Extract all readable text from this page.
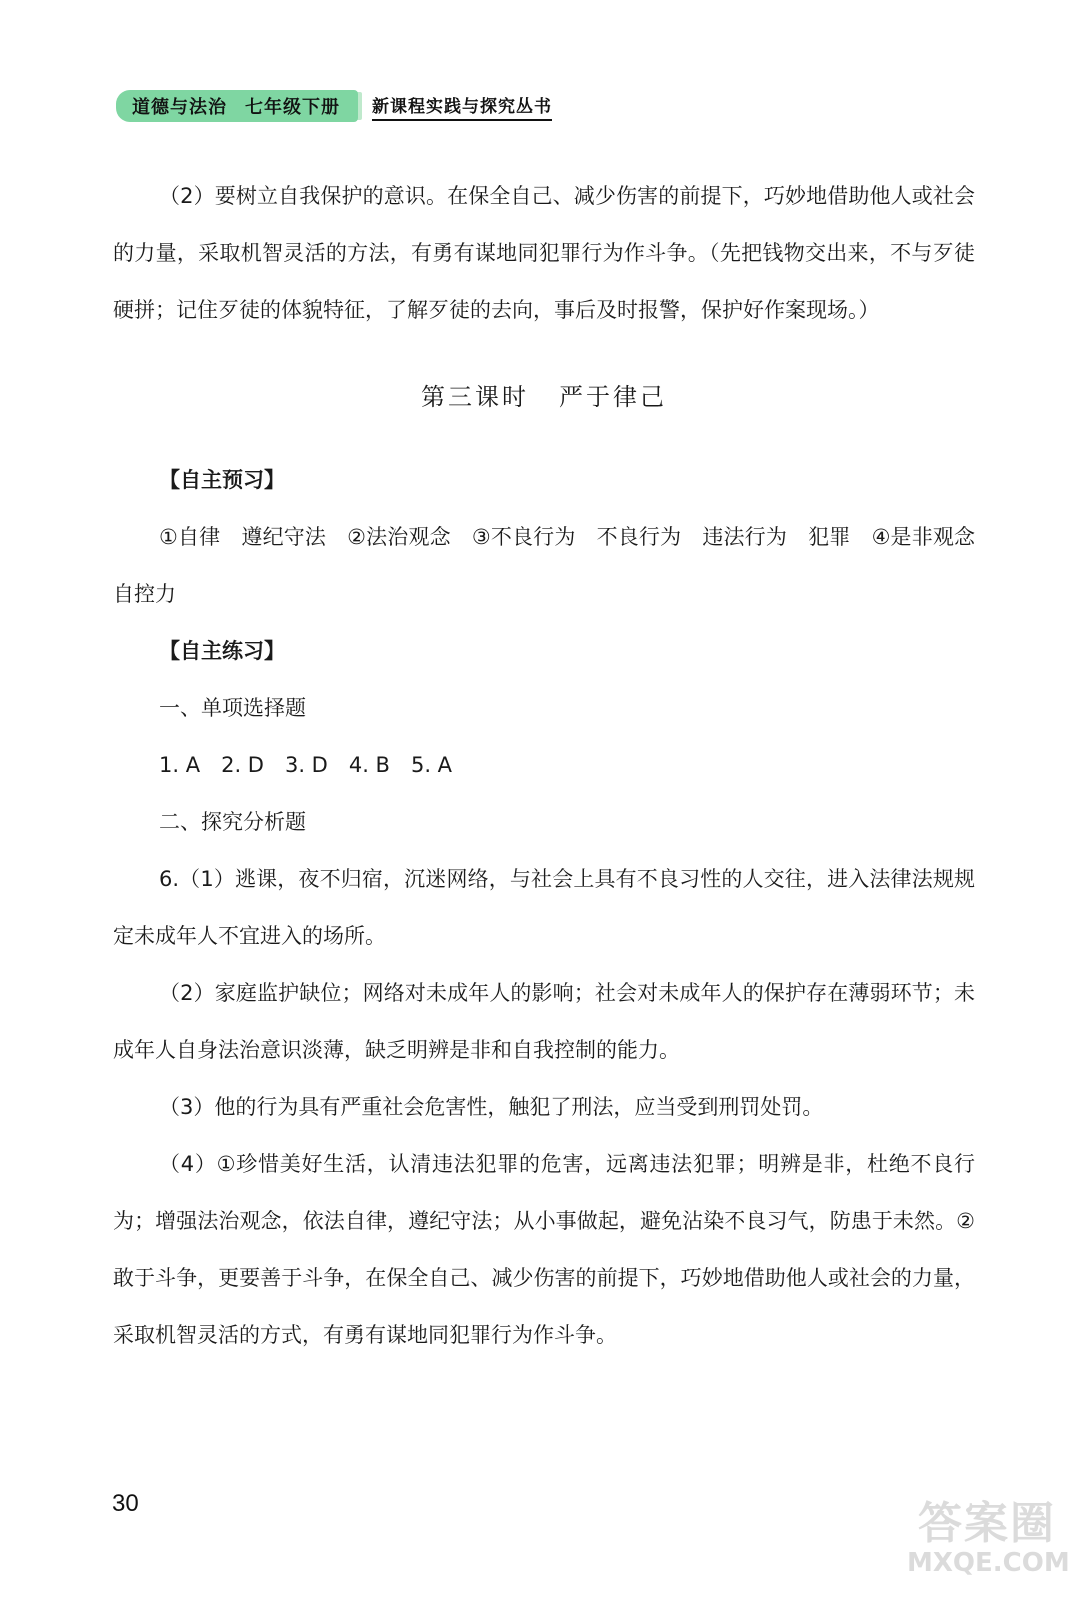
道德与法治 七年级下册	新课程实践与探究丛书

（2）要树立自我保护的意识。在保全自己、减少伤害的前提下，巧妙地借助他人或社会的力量，采取机智灵活的方法，有勇有谋地同犯罪行为作斗争。（先把钱物交出来，不与歹徒硬拼；记住歹徒的体貌特征，了解歹徒的去向，事后及时报警，保护好作案现场。）

第三课时 严于律己

【自主预习】

①自律　遵纪守法　②法治观念　③不良行为　不良行为　违法行为　犯罪　④是非观念　自控力

【自主练习】

一、单项选择题

1. A　2. D　3. D　4. B　5. A

二、探究分析题

6.（1）逃课，夜不归宿，沉迷网络，与社会上具有不良习性的人交往，进入法律法规规定未成年人不宜进入的场所。

（2）家庭监护缺位；网络对未成年人的影响；社会对未成年人的保护存在薄弱环节；未成年人自身法治意识淡薄，缺乏明辨是非和自我控制的能力。

（3）他的行为具有严重社会危害性，触犯了刑法，应当受到刑罚处罚。

（4）①珍惜美好生活，认清违法犯罪的危害，远离违法犯罪；明辨是非，杜绝不良行为；增强法治观念，依法自律，遵纪守法；从小事做起，避免沾染不良习气，防患于未然。②敢于斗争，更要善于斗争，在保全自己、减少伤害的前提下，巧妙地借助他人或社会的力量，采取机智灵活的方式，有勇有谋地同犯罪行为作斗争。

30	答案圈
MXQE.COM
